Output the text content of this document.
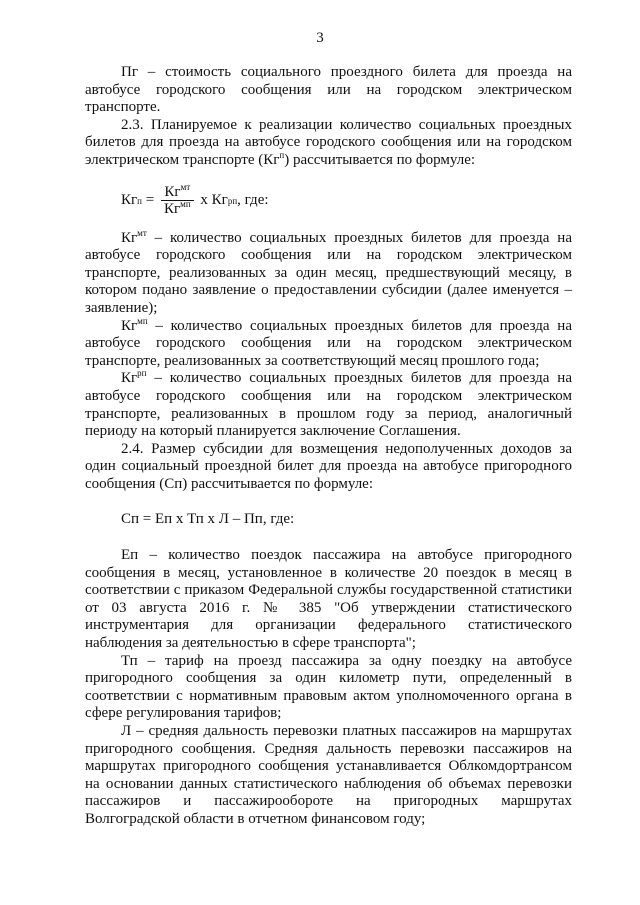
3

Пг – стоимость социального проездного билета для проезда на автобусе городского сообщения или на городском электрическом транспорте.

2.3. Планируемое к реализации количество социальных проездных билетов для проезда на автобусе городского сообщения или на городском электрическом транспорте $(Кг^п)$ рассчитывается по формуле:

Кг $п = \frac{Кг^{мт}}{Кг^{мп}}$ х Кг рп , где:

$Кг^{мт}$ – количество социальных проездных билетов для проезда на автобусе городского сообщения или на городском электрическом транспорте, реализованных за один месяц, предшествующий месяцу, в котором подано заявление о предоставлении субсидии (далее именуется – заявление);

$Кг^{мп}$ – количество социальных проездных билетов для проезда на автобусе городского сообщения или на городском электрическом транспорте, реализованных за соответствующий месяц прошлого года;

$Кг^{рп}$ – количество социальных проездных билетов для проезда на автобусе городского сообщения или на городском электрическом транспорте, реализованных в прошлом году за период, аналогичный периоду на который планируется заключение Соглашения.

2.4. Размер субсидии для возмещения недополученных доходов за один социальный проездной билет для проезда на автобусе пригородного сообщения (Сп) рассчитывается по формуле:

Сп = Еп х Тп х Л – Пп, где:

Еп – количество поездок пассажира на автобусе пригородного сообщения в месяц, установленное в количестве 20 поездок в месяц в соответствии с приказом Федеральной службы государственной статистики от 03 августа 2016 г. № 385 "Об утверждении статистического инструментария для организации федерального статистического наблюдения за деятельностью в сфере транспорта";

Тп – тариф на проезд пассажира за одну поездку на автобусе пригородного сообщения за один километр пути, определенный в соответствии с нормативным правовым актом уполномоченного органа в сфере регулирования тарифов;

Л – средняя дальность перевозки платных пассажиров на маршрутах пригородного сообщения. Средняя дальность перевозки пассажиров на маршрутах пригородного сообщения устанавливается Облкомдортрансом на основании данных статистического наблюдения об объемах перевозки пассажиров и пассажирообороте на пригородных маршрутах Волгоградской области в отчетном финансовом году;
